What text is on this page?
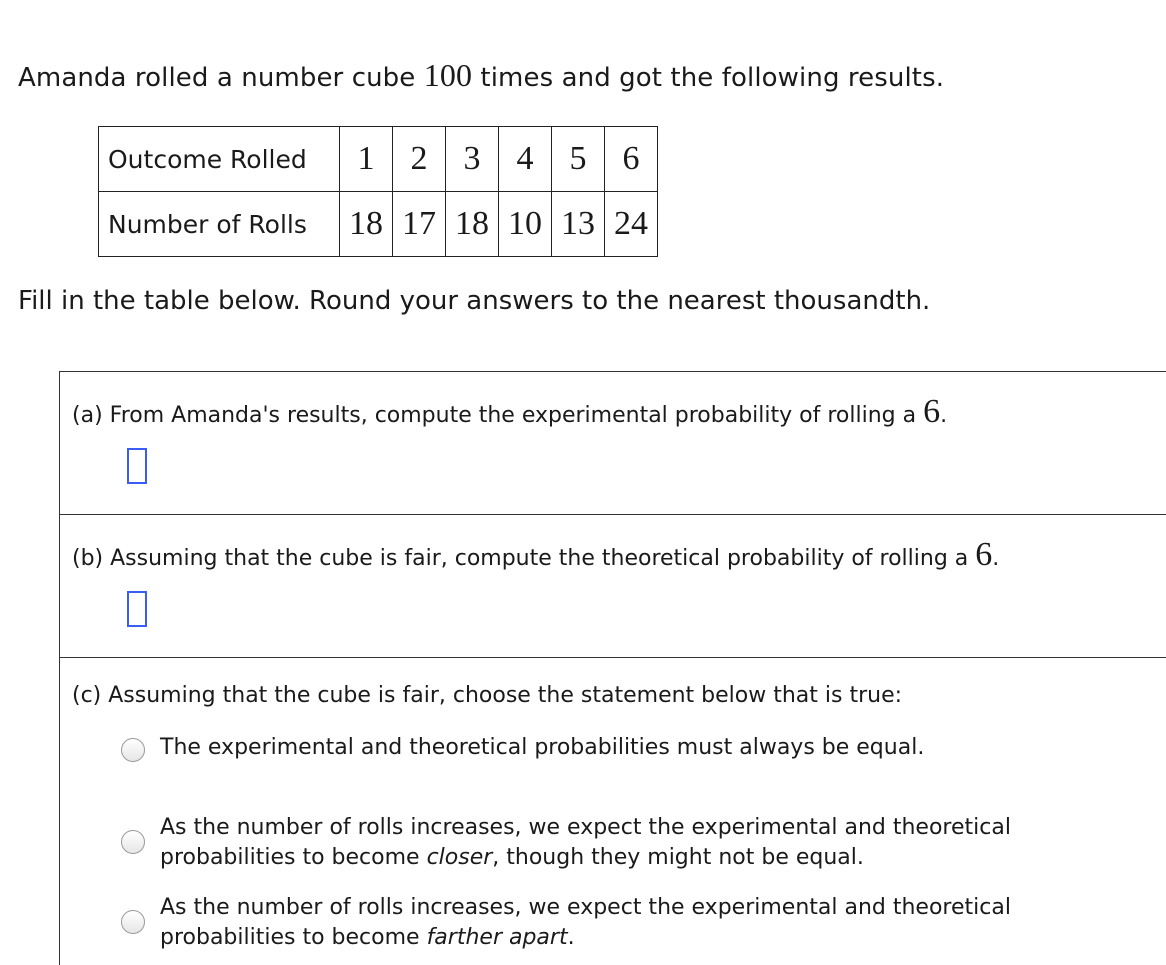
Amanda rolled a number cube 100 times and got the following results.
Outcome Rolled	1	2	3	4	5	6
Number of Rolls	18	17	18	10	13	24
Fill in the table below. Round your answers to the nearest thousandth.
(a) From Amanda's results, compute the experimental probability of rolling a 6.
(b) Assuming that the cube is fair, compute the theoretical probability of rolling a 6.
(c) Assuming that the cube is fair, choose the statement below that is true:
The experimental and theoretical probabilities must always be equal.
As the number of rolls increases, we expect the experimental and theoretical
probabilities to become closer, though they might not be equal.
As the number of rolls increases, we expect the experimental and theoretical
probabilities to become farther apart.
